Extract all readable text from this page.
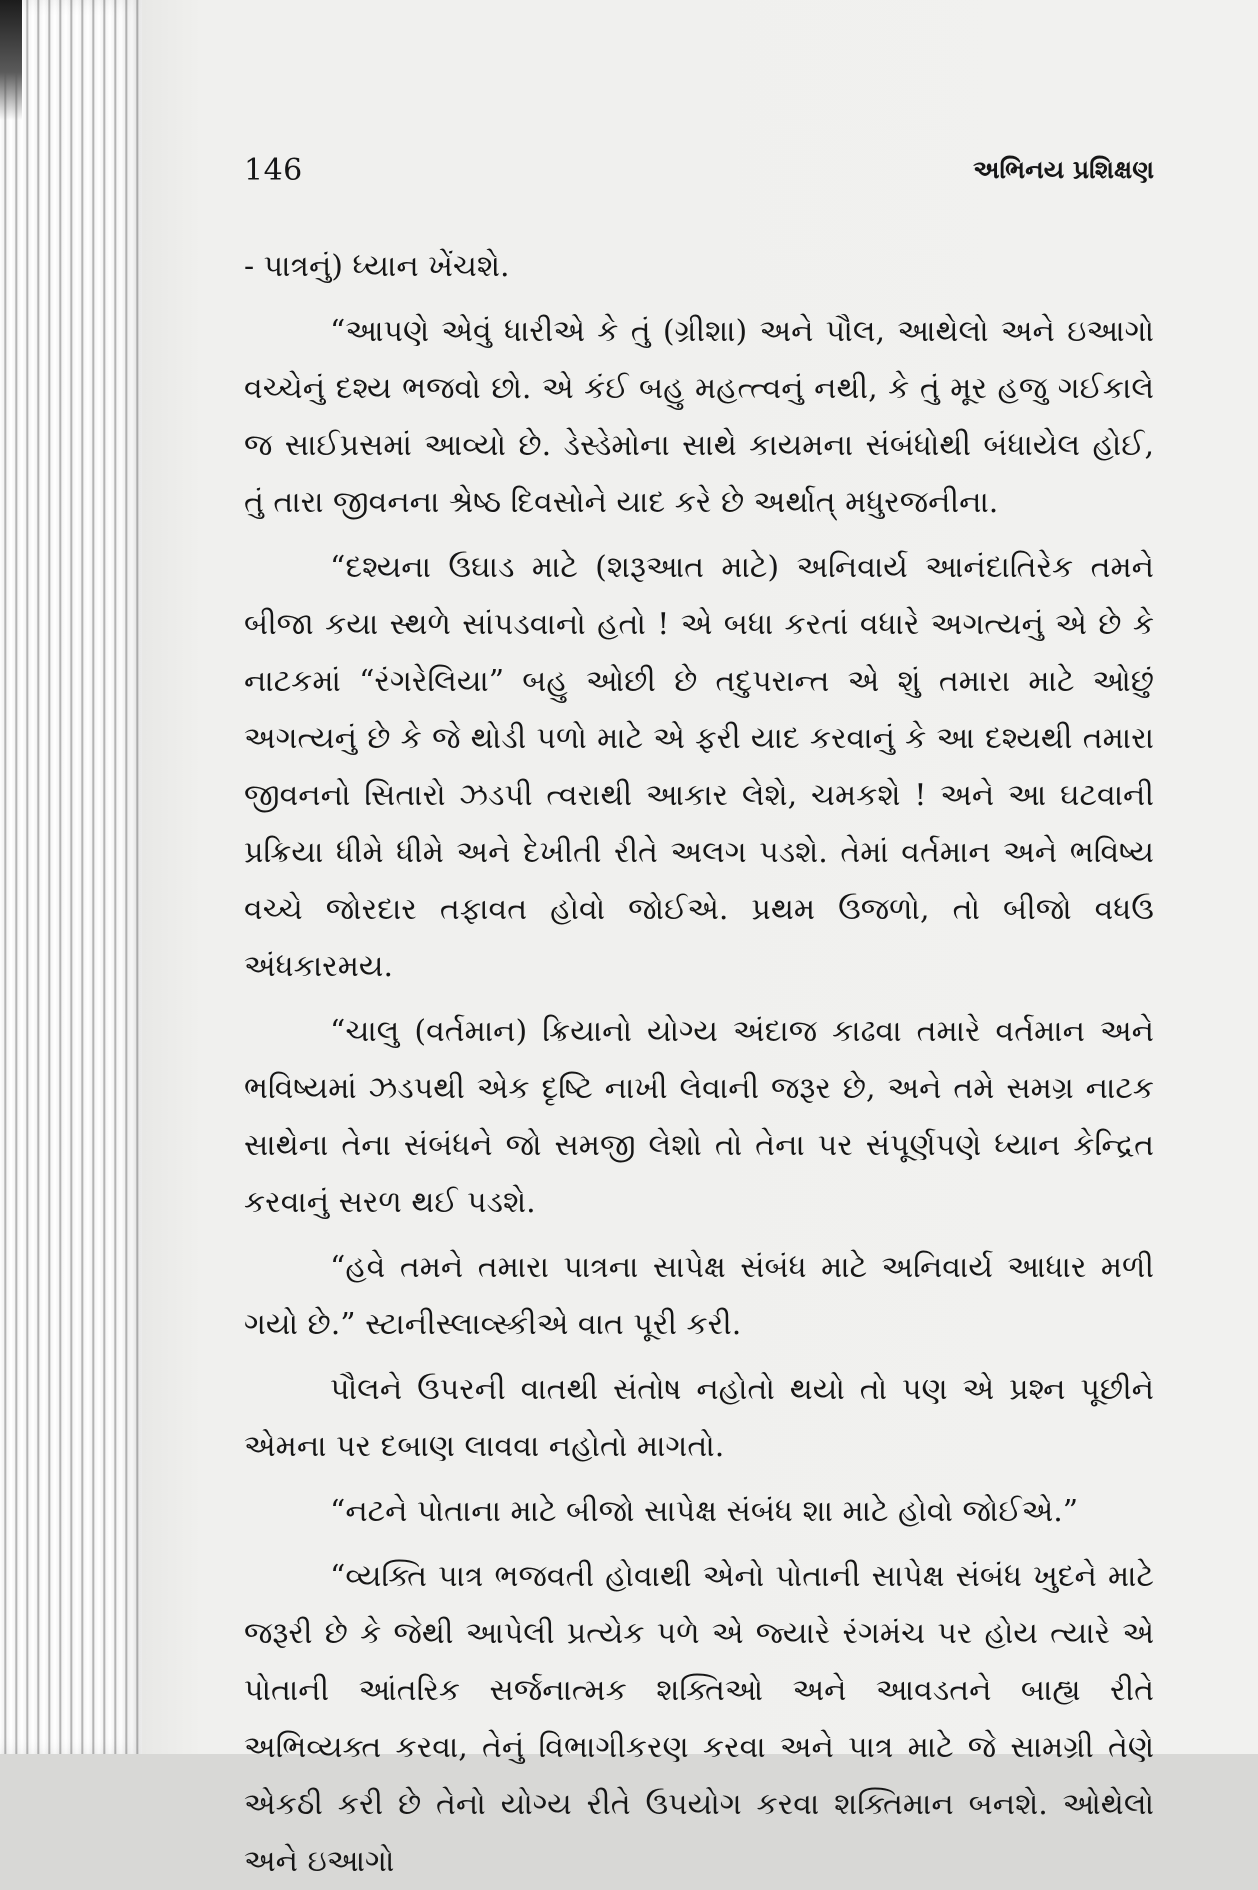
146	અભિનય પ્રશિક્ષણ

- પાત્રનું) ધ્યાન ખેંચશે.

“આપણે એવું ધારીએ કે તું (ગ્રીશા) અને પૌલ, આથેલો અને ઇઆગો વચ્ચેનું દશ્ય ભજવો છો. એ કંઈ બહુ મહત્ત્વનું નથી, કે તું મૂર હજુ ગઈકાલે જ સાઈપ્રસમાં આવ્યો છે. ડેસ્ડેમોના સાથે કાયમના સંબંધોથી બંધાયેલ હોઈ, તું તારા જીવનના શ્રેષ્ઠ દિવસોને યાદ કરે છે અર્થાત્ મધુરજનીના.

“દશ્યના ઉઘાડ માટે (શરૂઆત માટે) અનિવાર્ય આનંદાતિરેક તમને બીજા કયા સ્થળે સાંપડવાનો હતો ! એ બધા કરતાં વધારે અગત્યનું એ છે કે નાટકમાં “રંગરેલિયા” બહુ ઓછી છે તદુપરાન્ત એ શું તમારા માટે ઓછું અગત્યનું છે કે જે થોડી પળો માટે એ ફરી યાદ કરવાનું કે આ દશ્યથી તમારા જીવનનો સિતારો ઝડપી ત્વરાથી આકાર લેશે, ચમકશે ! અને આ ઘટવાની પ્રક્રિયા ધીમે ધીમે અને દેખીતી રીતે અલગ પડશે. તેમાં વર્તમાન અને ભવિષ્ય વચ્ચે જોરદાર તફાવત હોવો જોઈએ. પ્રથમ ઉજળો, તો બીજો વધઉ અંધકારમય.

“ચાલુ (વર્તમાન) ક્રિયાનો યોગ્ય અંદાજ કાઢવા તમારે વર્તમાન અને ભવિષ્યમાં ઝડપથી એક દૃષ્ટિ નાખી લેવાની જરૂર છે, અને તમે સમગ્ર નાટક સાથેના તેના સંબંધને જો સમજી લેશો તો તેના પર સંપૂર્ણપણે ધ્યાન કેન્દ્રિત કરવાનું સરળ થઈ પડશે.

“હવે તમને તમારા પાત્રના સાપેક્ષ સંબંધ માટે અનિવાર્ય આધાર મળી ગયો છે.” સ્ટાનીસ્લાવ્સ્કીએ વાત પૂરી કરી.

પૌલને ઉપરની વાતથી સંતોષ નહોતો થયો તો પણ એ પ્રશ્ન પૂછીને એમના પર દબાણ લાવવા નહોતો માગતો.

“નટને પોતાના માટે બીજો સાપેક્ષ સંબંધ શા માટે હોવો જોઈએ.”

“વ્યક્તિ પાત્ર ભજવતી હોવાથી એનો પોતાની સાપેક્ષ સંબંધ ખુદને માટે જરૂરી છે કે જેથી આપેલી પ્રત્યેક પળે એ જ્યારે રંગમંચ પર હોય ત્યારે એ પોતાની આંતરિક સર્જનાત્મક શક્તિઓ અને આવડતને બાહ્ય રીતે અભિવ્યક્ત કરવા, તેનું વિભાગીકરણ કરવા અને પાત્ર માટે જે સામગ્રી તેણે એકઠી કરી છે તેનો યોગ્ય રીતે ઉપયોગ કરવા શક્તિમાન બનશે. ઓથેલો અને ઇઆગો
